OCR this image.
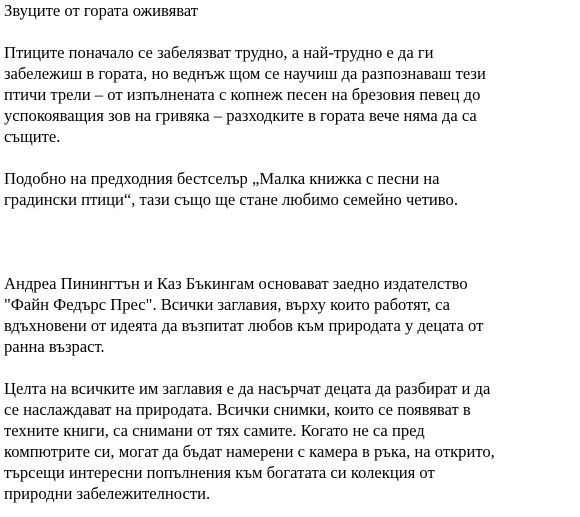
Звуците от гората оживяват

Птиците поначало се забелязват трудно, а най-трудно е да ги
забележиш в гората, но веднъж щом се научиш да разпознаваш тези
птичи трели – от изпълнената с копнеж песен на брезовия певец до
успокояващия зов на гривяка – разходките в гората вече няма да са
същите.

Подобно на предходния бестселър „Малка книжка с песни на
градински птици“, тази също ще стане любимо семейно четиво.

Андреа Пинингтън и Каз Бъкингам основават заедно издателство
"Файн Федърс Прес". Всички заглавия, върху които работят, са
вдъхновени от идеята да възпитат любов към природата у децата от
ранна възраст.

Целта на всичките им заглавия е да насърчат децата да разбират и да
се наслаждават на природата. Всички снимки, които се появяват в
техните книги, са снимани от тях самите. Когато не са пред
компютрите си, могат да бъдат намерени с камера в ръка, на открито,
търсещи интересни попълнения към богатата си колекция от
природни забележителности.
